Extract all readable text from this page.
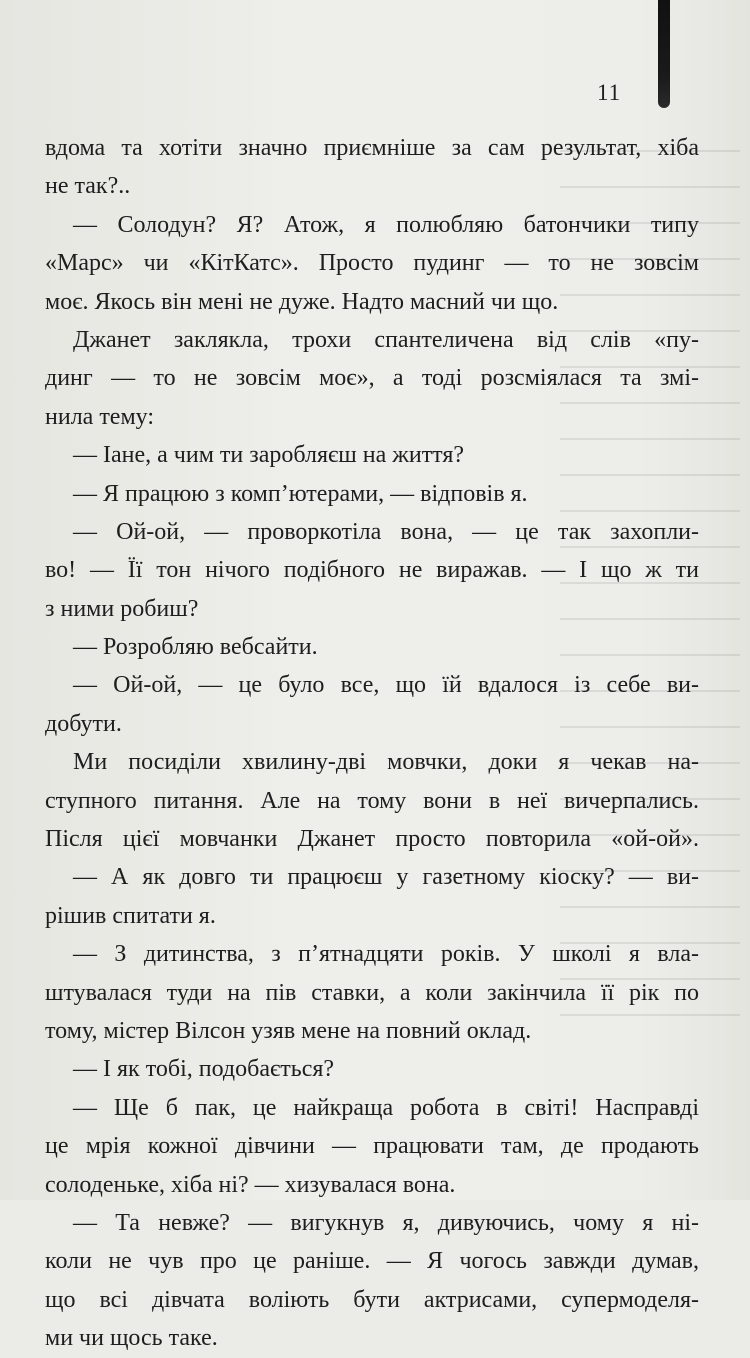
11
вдома та хотіти значно приємніше за сам результат, хіба
не так?..
— Солодун? Я? Атож, я полюбляю батончики типу
«Марс» чи «КітКатс». Просто пудинг — то не зовсім
моє. Якось він мені не дуже. Надто масний чи що.
Джанет заклякла, трохи спантеличена від слів «пу-
динг — то не зовсім моє», а тоді розсміялася та змі-
нила тему:
— Іане, а чим ти заробляєш на життя?
— Я працюю з комп’ютерами, — відповів я.
— Ой-ой, — проворкотіла вона, — це так захопли-
во! — Її тон нічого подібного не виражав. — І що ж ти
з ними робиш?
— Розробляю вебсайти.
— Ой-ой, — це було все, що їй вдалося із себе ви-
добути.
Ми посиділи хвилину-дві мовчки, доки я чекав на-
ступного питання. Але на тому вони в неї вичерпались.
Після цієї мовчанки Джанет просто повторила «ой-ой».
— А як довго ти працюєш у газетному кіоску? — ви-
рішив спитати я.
— З дитинства, з п’ятнадцяти років. У школі я вла-
штувалася туди на пів ставки, а коли закінчила її рік по
тому, містер Вілсон узяв мене на повний оклад.
— І як тобі, подобається?
— Ще б пак, це найкраща робота в світі! Насправді
це мрія кожної дівчини — працювати там, де продають
солоденьке, хіба ні? — хизувалася вона.
— Та невже? — вигукнув я, дивуючись, чому я ні-
коли не чув про це раніше. — Я чогось завжди думав,
що всі дівчата воліють бути актрисами, супермоделя-
ми чи щось таке.
